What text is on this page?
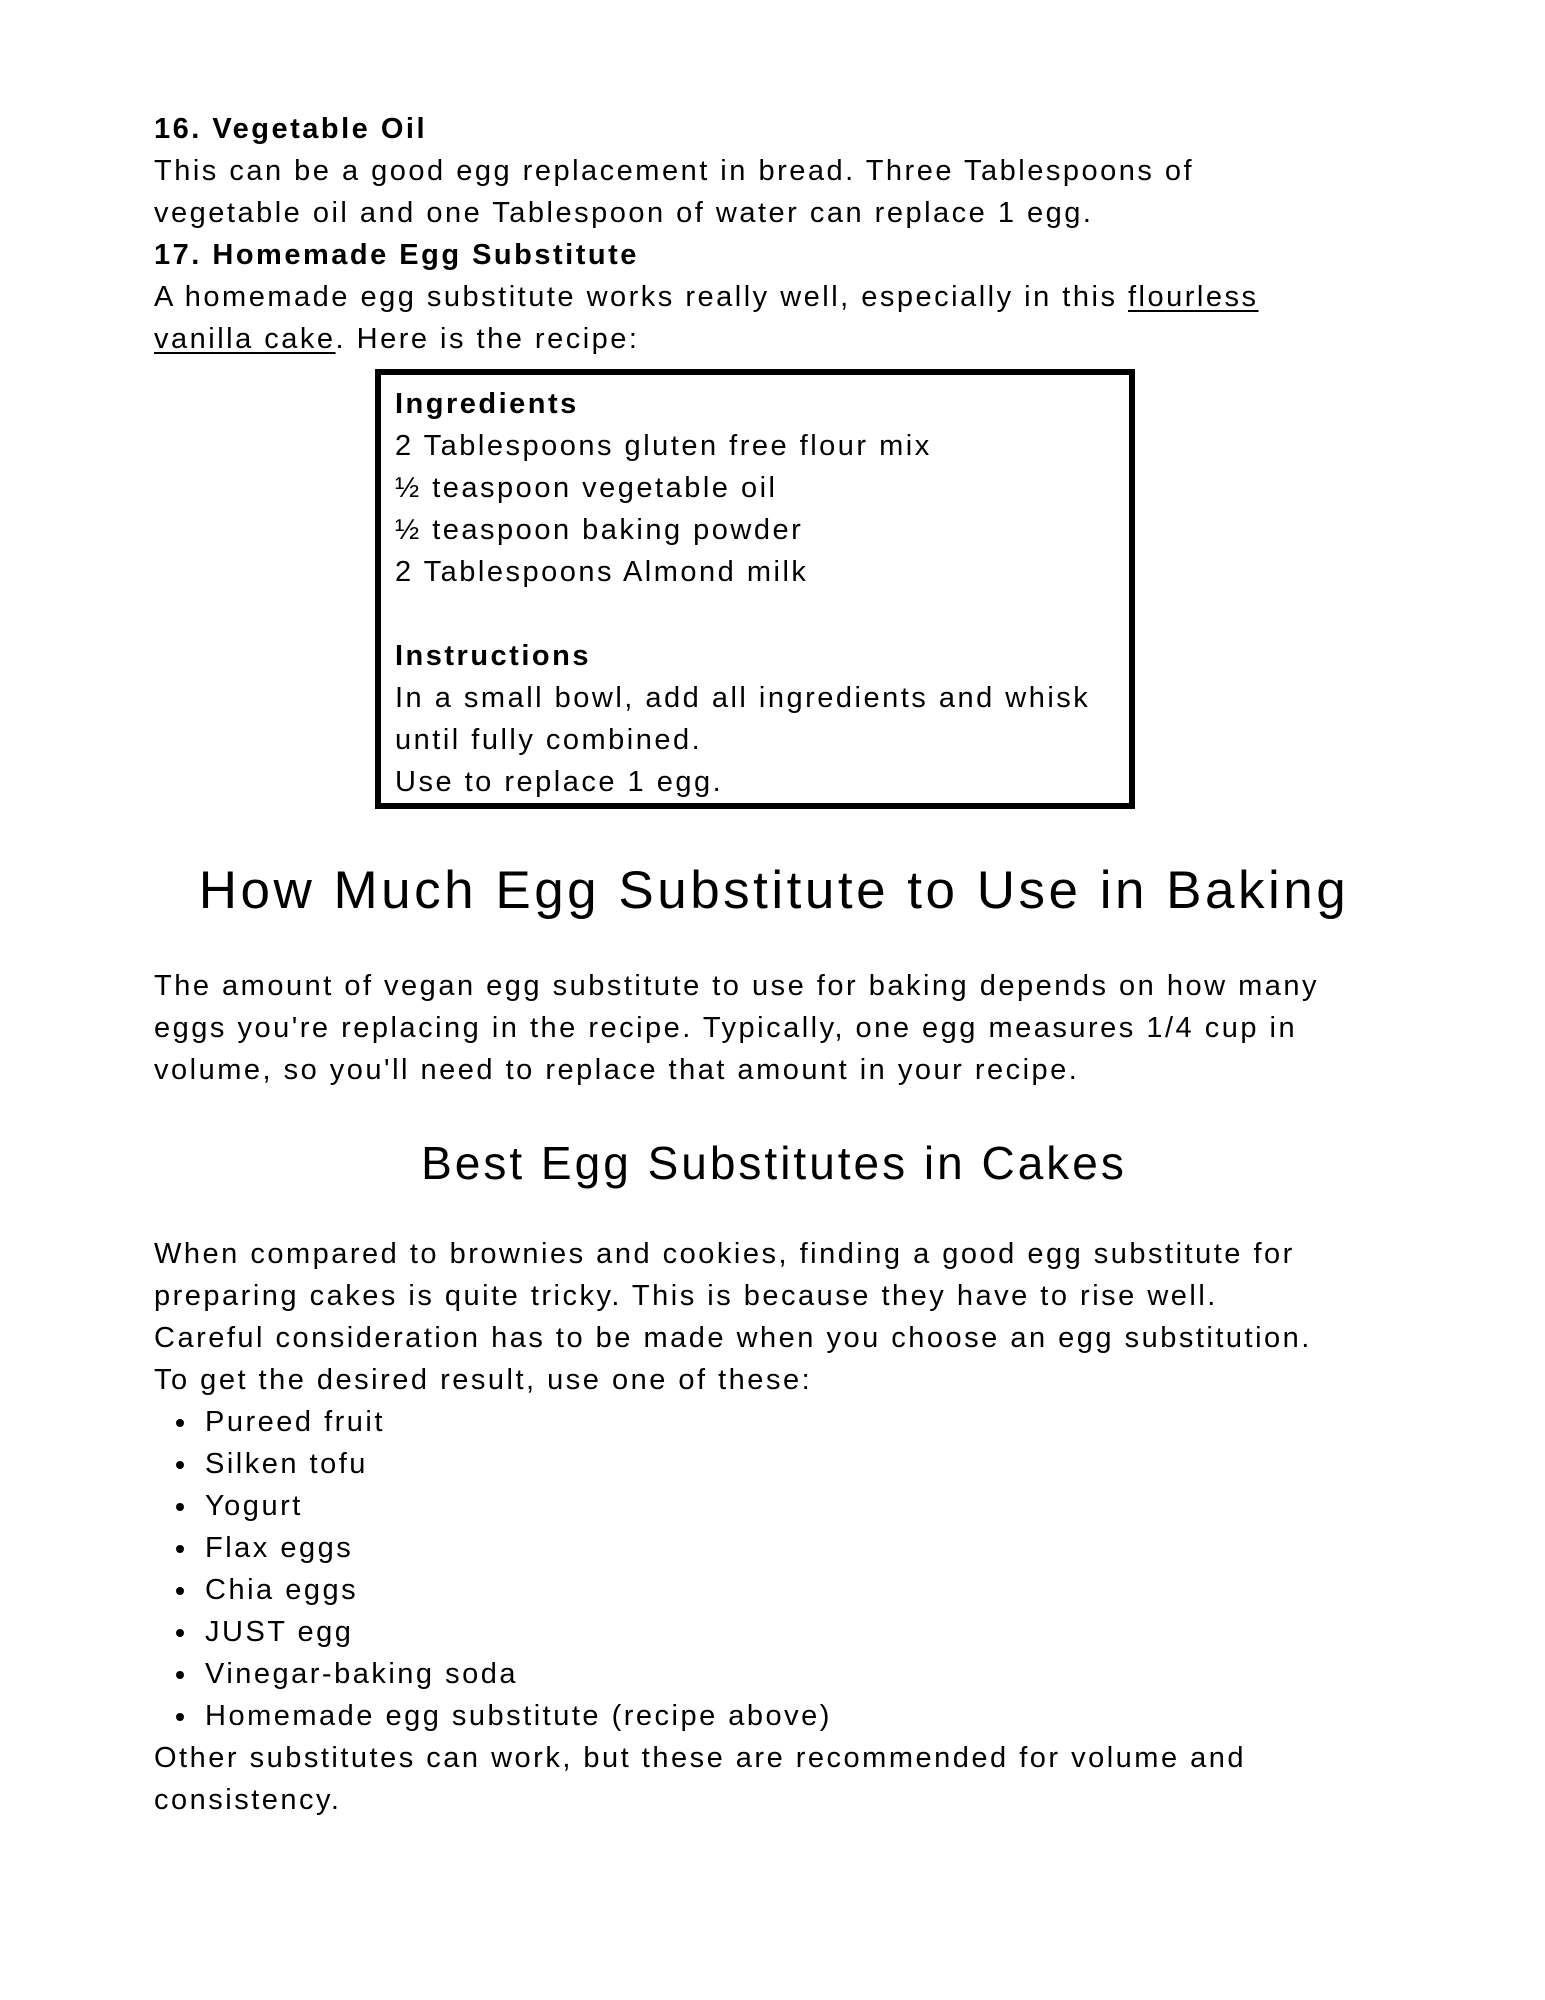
16. Vegetable Oil
This can be a good egg replacement in bread. Three Tablespoons of
vegetable oil and one Tablespoon of water can replace 1 egg.
17. Homemade Egg Substitute
A homemade egg substitute works really well, especially in this flourless
vanilla cake. Here is the recipe:
Ingredients
2 Tablespoons gluten free flour mix
½ teaspoon vegetable oil
½ teaspoon baking powder
2 Tablespoons Almond milk
Instructions
In a small bowl, add all ingredients and whisk
until fully combined.
Use to replace 1 egg.
How Much Egg Substitute to Use in Baking
The amount of vegan egg substitute to use for baking depends on how many
eggs you're replacing in the recipe. Typically, one egg measures 1/4 cup in
volume, so you'll need to replace that amount in your recipe.
Best Egg Substitutes in Cakes
When compared to brownies and cookies, finding a good egg substitute for
preparing cakes is quite tricky. This is because they have to rise well.
Careful consideration has to be made when you choose an egg substitution.
To get the desired result, use one of these:
Pureed fruit
Silken tofu
Yogurt
Flax eggs
Chia eggs
JUST egg
Vinegar-baking soda
Homemade egg substitute (recipe above)
Other substitutes can work, but these are recommended for volume and
consistency.
